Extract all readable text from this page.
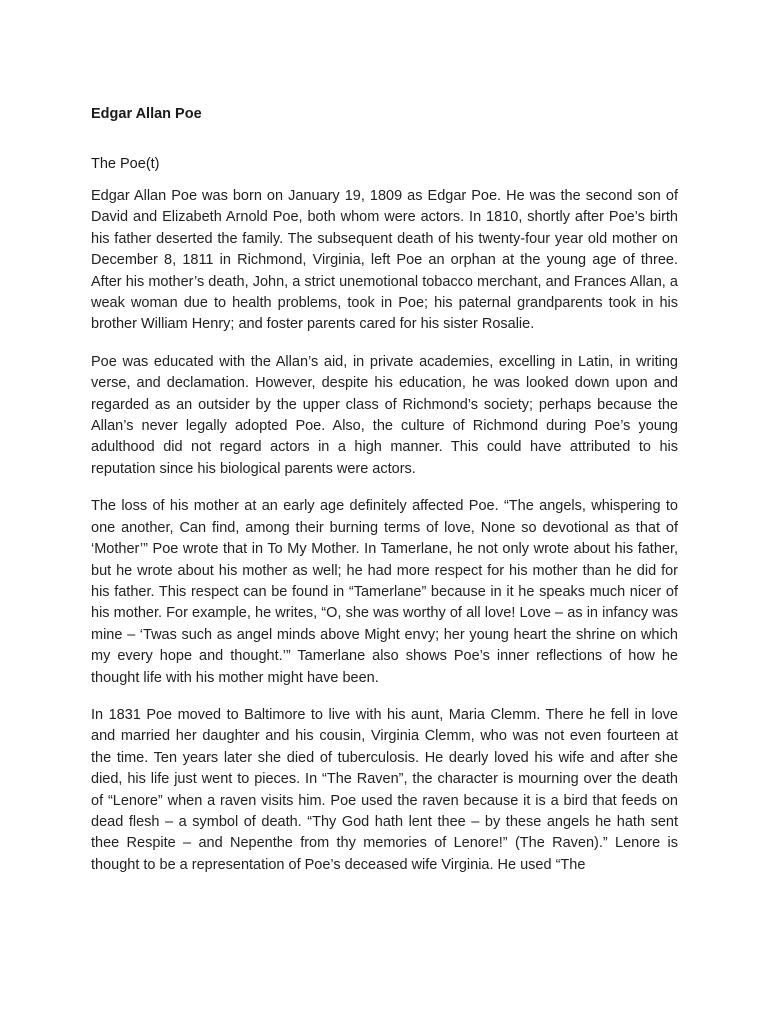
Edgar Allan Poe
The Poe(t)

Edgar Allan Poe was born on January 19, 1809 as Edgar Poe. He was the second son of David and Elizabeth Arnold Poe, both whom were actors. In 1810, shortly after Poe’s birth his father deserted the family. The subsequent death of his twenty-four year old mother on December 8, 1811 in Richmond, Virginia, left Poe an orphan at the young age of three. After his mother’s death, John, a strict unemotional tobacco merchant, and Frances Allan, a weak woman due to health problems, took in Poe; his paternal grandparents took in his brother William Henry; and foster parents cared for his sister Rosalie.

Poe was educated with the Allan’s aid, in private academies, excelling in Latin, in writing verse, and declamation. However, despite his education, he was looked down upon and regarded as an outsider by the upper class of Richmond’s society; perhaps because the Allan’s never legally adopted Poe. Also, the culture of Richmond during Poe’s young adulthood did not regard actors in a high manner. This could have attributed to his reputation since his biological parents were actors.

The loss of his mother at an early age definitely affected Poe. “The angels, whispering to one another, Can find, among their burning terms of love, None so devotional as that of ‘Mother’” Poe wrote that in To My Mother. In Tamerlane, he not only wrote about his father, but he wrote about his mother as well; he had more respect for his mother than he did for his father. This respect can be found in “Tamerlane” because in it he speaks much nicer of his mother. For example, he writes, “O, she was worthy of all love! Love – as in infancy was mine – ‘Twas such as angel minds above Might envy; her young heart the shrine on which my every hope and thought.’” Tamerlane also shows Poe’s inner reflections of how he thought life with his mother might have been.

In 1831 Poe moved to Baltimore to live with his aunt, Maria Clemm. There he fell in love and married her daughter and his cousin, Virginia Clemm, who was not even fourteen at the time. Ten years later she died of tuberculosis. He dearly loved his wife and after she died, his life just went to pieces. In “The Raven”, the character is mourning over the death of “Lenore” when a raven visits him. Poe used the raven because it is a bird that feeds on dead flesh – a symbol of death. “Thy God hath lent thee – by these angels he hath sent thee Respite – and Nepenthe from thy memories of Lenore!” (The Raven).” Lenore is thought to be a representation of Poe’s deceased wife Virginia. He used “The
